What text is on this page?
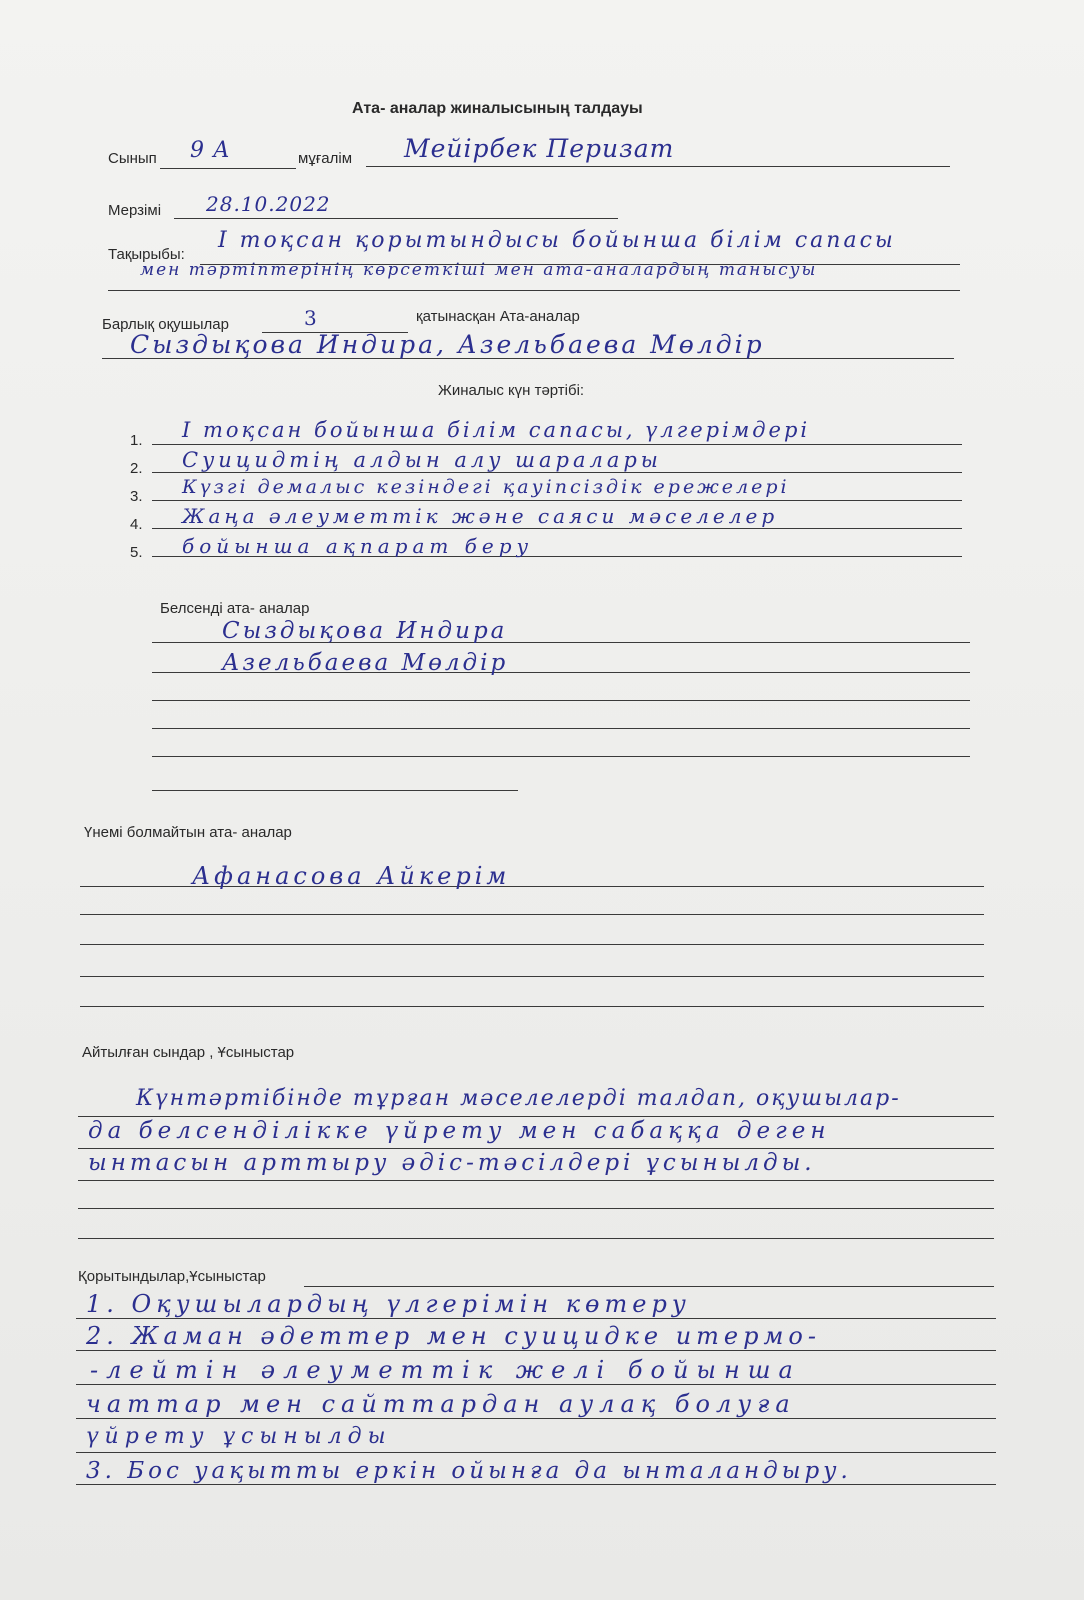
Ата- аналар жиналысының талдауы
Сынып 9 А	мұғалім Мейірбек Перизат
Мерзімі 28.10.2022
Тақырыбы:
І тоқсан қорытындысы бойынша білім сапасы
мен тәртіптерінің көрсеткіші мен ата-аналардың танысуы
Барлық оқушылар	3	қатынасқан Ата-аналар
Сыздықова Индира, Азельбаева Мөлдір
Жиналыс күн тәртібі:
1. І тоқсан бойынша білім сапасы, үлгерімдері
2. Суицидтің алдын алу шаралары
3. Күзгі демалыс кезіндегі қауіпсіздік ережелері
4. Жаңа әлеуметтік және саяси мәселелер
5. бойынша ақпарат беру
Белсенді ата- аналар
Сыздықова Индира
Азельбаева Мөлдір
Үнемі болмайтын ата- аналар
Афанасова Айкерім
Айтылған сындар , Ұсыныстар
Күнтәртібінде тұрған мәселелерді талдап, оқушылар-
да белсенділікке үйрету мен сабаққа деген
ынтасын арттыру әдіс-тәсілдері ұсынылды.
Қорытындылар,Ұсыныстар
1. Оқушылардың үлгерімін көтеру
2. Жаман әдеттер мен суицидке итермо-
-лейтін әлеуметтік желі бойынша
чаттар мен сайттардан аулақ болуға
үйрету ұсынылды
3. Бос уақытты еркін ойынға да ынталандыру.
